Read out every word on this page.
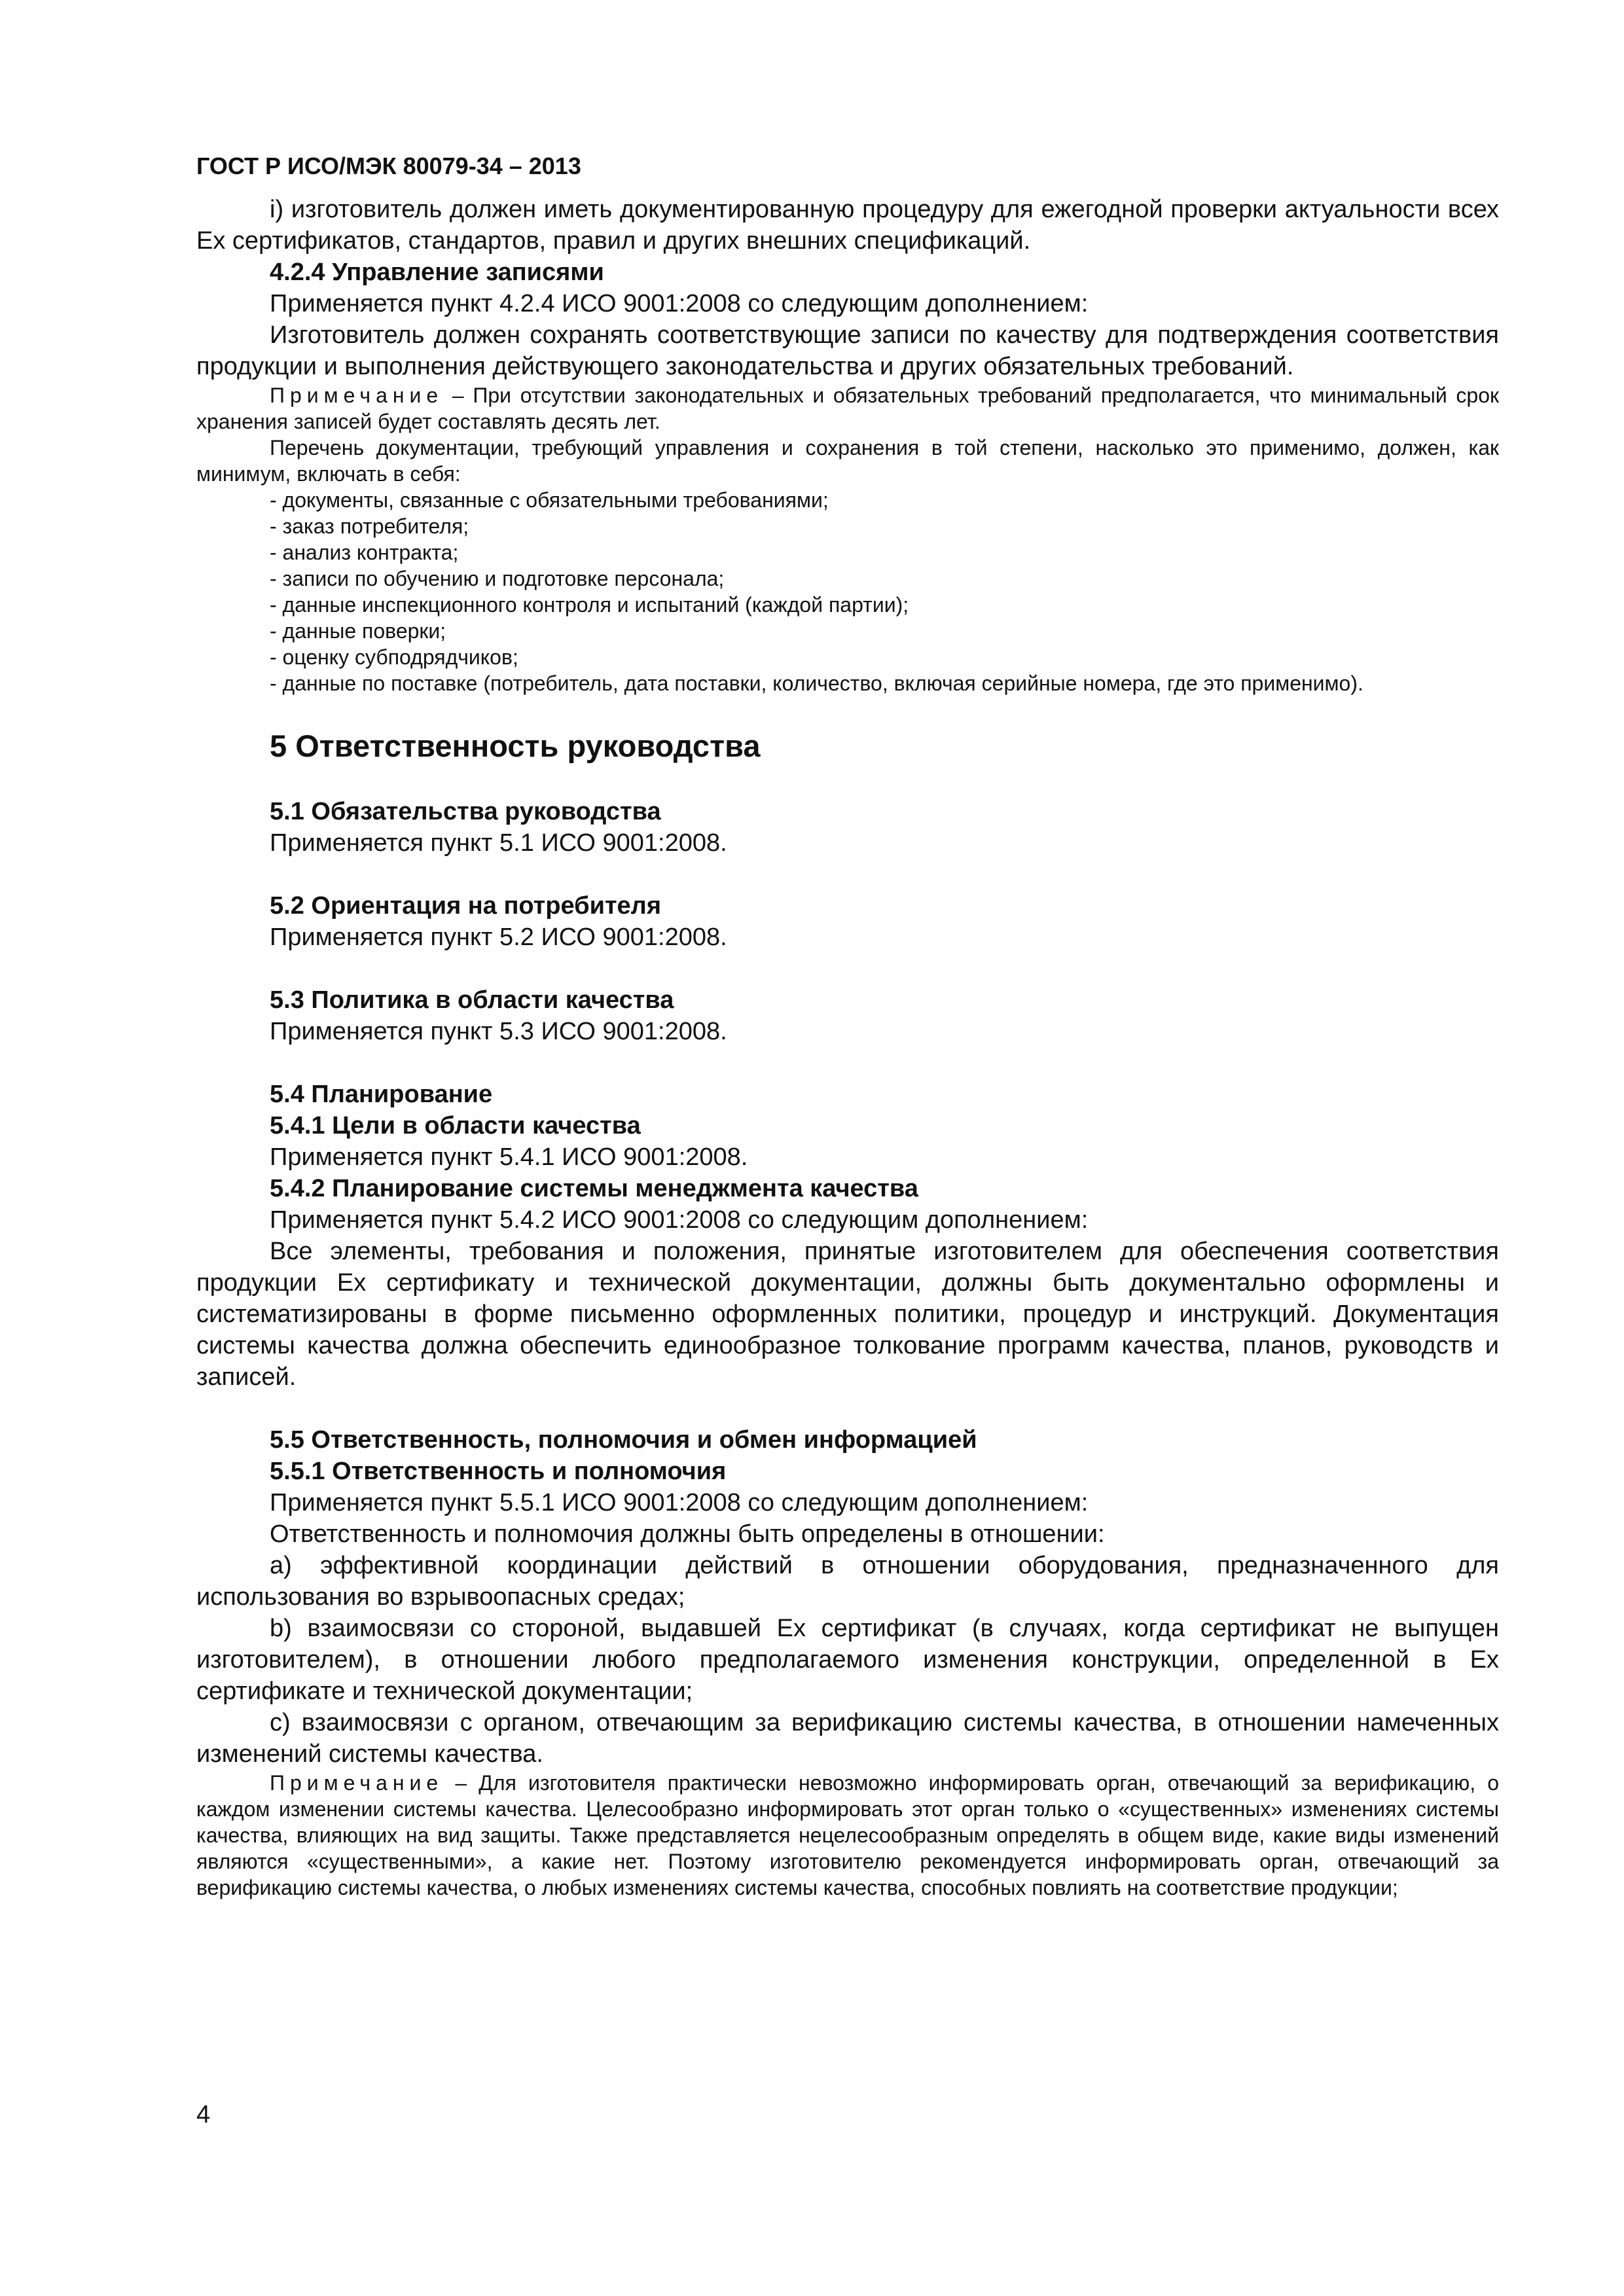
ГОСТ Р ИСО/МЭК 80079-34 – 2013

i) изготовитель должен иметь документированную процедуру для ежегодной проверки актуальности всех Ex сертификатов, стандартов, правил и других внешних спецификаций.

4.2.4 Управление записями

Применяется пункт 4.2.4 ИСО 9001:2008 со следующим дополнением:

Изготовитель должен сохранять соответствующие записи по качеству для подтверждения соответствия продукции и выполнения действующего законодательства и других обязательных требований.

Примечание – При отсутствии законодательных и обязательных требований предполагается, что минимальный срок хранения записей будет составлять десять лет.

Перечень документации, требующий управления и сохранения в той степени, насколько это применимо, должен, как минимум, включать в себя:

- документы, связанные с обязательными требованиями;
- заказ потребителя;
- анализ контракта;
- записи по обучению и подготовке персонала;
- данные инспекционного контроля и испытаний (каждой партии);
- данные поверки;
- оценку субподрядчиков;
- данные по поставке (потребитель, дата поставки, количество, включая серийные номера, где это применимо).
5 Ответственность руководства
5.1 Обязательства руководства

Применяется пункт 5.1 ИСО 9001:2008.

5.2 Ориентация на потребителя

Применяется пункт 5.2 ИСО 9001:2008.

5.3 Политика в области качества

Применяется пункт 5.3 ИСО 9001:2008.

5.4 Планирование
5.4.1 Цели в области качества

Применяется пункт 5.4.1 ИСО 9001:2008.

5.4.2 Планирование системы менеджмента качества

Применяется пункт 5.4.2 ИСО 9001:2008 со следующим дополнением:

Все элементы, требования и положения, принятые изготовителем для обеспечения соответствия продукции Ex сертификату и технической документации, должны быть документально оформлены и систематизированы в форме письменно оформленных политики, процедур и инструкций. Документация системы качества должна обеспечить единообразное толкование программ качества, планов, руководств и записей.

5.5 Ответственность, полномочия и обмен информацией
5.5.1 Ответственность и полномочия

Применяется пункт 5.5.1 ИСО 9001:2008 со следующим дополнением:

Ответственность и полномочия должны быть определены в отношении:

a) эффективной координации действий в отношении оборудования, предназначенного для использования во взрывоопасных средах;

b) взаимосвязи со стороной, выдавшей Ex сертификат (в случаях, когда сертификат не выпущен изготовителем), в отношении любого предполагаемого изменения конструкции, определенной в Ex сертификате и технической документации;

c) взаимосвязи с органом, отвечающим за верификацию системы качества, в отношении намеченных изменений системы качества.

Примечание – Для изготовителя практически невозможно информировать орган, отвечающий за верификацию, о каждом изменении системы качества. Целесообразно информировать этот орган только о «существенных» изменениях системы качества, влияющих на вид защиты. Также представляется нецелесообразным определять в общем виде, какие виды изменений являются «существенными», а какие нет. Поэтому изготовителю рекомендуется информировать орган, отвечающий за верификацию системы качества, о любых изменениях системы качества, способных повлиять на соответствие продукции;

4
